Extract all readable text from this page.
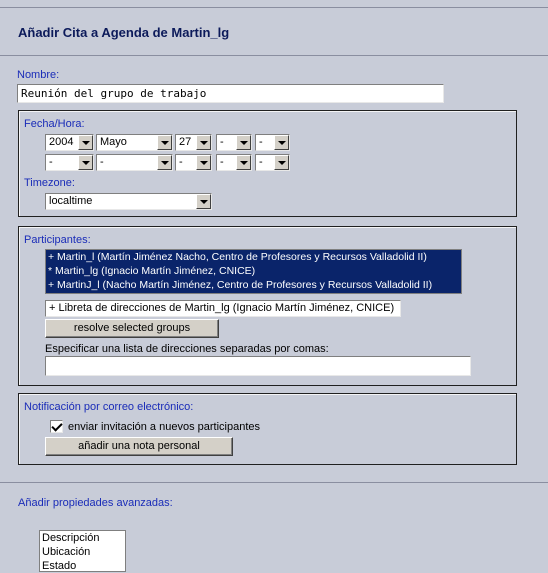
Añadir Cita a Agenda de Martin_lg
Nombre:
Reunión del grupo de trabajo
Fecha/Hora:
2004	Mayo	27	-	-
-	-	-	-	-
Timezone:
localtime
Participantes:
+ Martin_l (Martín Jiménez Nacho, Centro de Profesores y Recursos Valladolid II)
* Martin_lg (Ignacio Martín Jiménez, CNICE)
+ MartinJ_l (Nacho Martín Jiménez, Centro de Profesores y Recursos Valladolid II)
+ Libreta de direcciones de Martin_lg (Ignacio Martín Jiménez, CNICE)
resolve selected groups
Especificar una lista de direcciones separadas por comas:
Notificación por correo electrónico:
enviar invitación a nuevos participantes
añadir una nota personal
Añadir propiedades avanzadas:
Descripción
Ubicación
Estado
